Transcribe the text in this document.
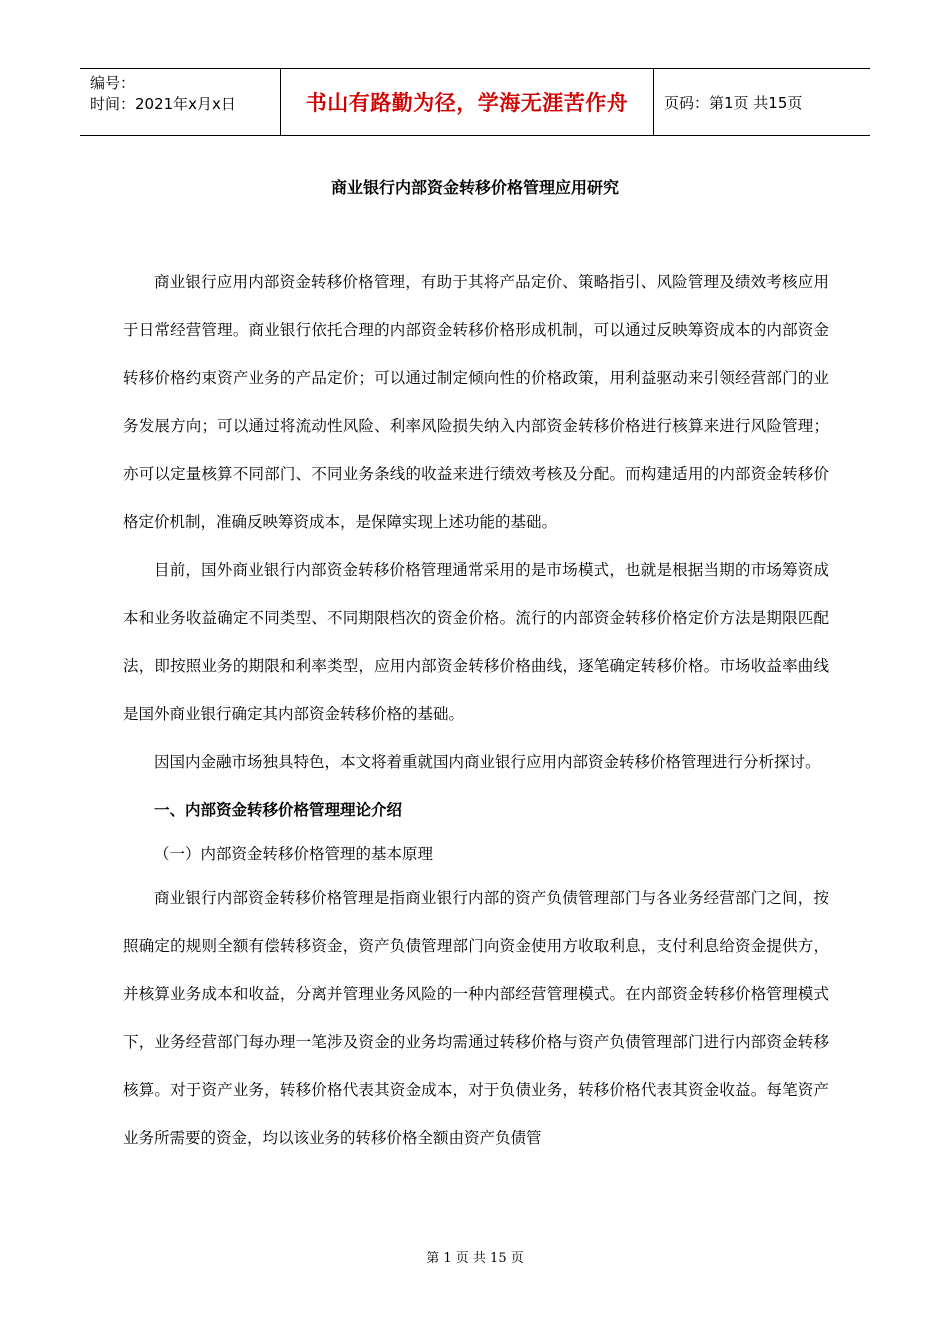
编号：
时间：2021年x月x日	书山有路勤为径，学海无涯苦作舟	页码：第1页 共15页
商业银行内部资金转移价格管理应用研究

商业银行应用内部资金转移价格管理，有助于其将产品定价、策略指引、风险管理及绩效考核应用于日常经营管理。商业银行依托合理的内部资金转移价格形成机制，可以通过反映筹资成本的内部资金转移价格约束资产业务的产品定价；可以通过制定倾向性的价格政策，用利益驱动来引领经营部门的业务发展方向；可以通过将流动性风险、利率风险损失纳入内部资金转移价格进行核算来进行风险管理；亦可以定量核算不同部门、不同业务条线的收益来进行绩效考核及分配。而构建适用的内部资金转移价格定价机制，准确反映筹资成本，是保障实现上述功能的基础。

目前，国外商业银行内部资金转移价格管理通常采用的是市场模式，也就是根据当期的市场筹资成本和业务收益确定不同类型、不同期限档次的资金价格。流行的内部资金转移价格定价方法是期限匹配法，即按照业务的期限和利率类型，应用内部资金转移价格曲线，逐笔确定转移价格。市场收益率曲线是国外商业银行确定其内部资金转移价格的基础。

因国内金融市场独具特色，本文将着重就国内商业银行应用内部资金转移价格管理进行分析探讨。

一、内部资金转移价格管理理论介绍
（一）内部资金转移价格管理的基本原理

商业银行内部资金转移价格管理是指商业银行内部的资产负债管理部门与各业务经营部门之间，按照确定的规则全额有偿转移资金，资产负债管理部门向资金使用方收取利息，支付利息给资金提供方，并核算业务成本和收益，分离并管理业务风险的一种内部经营管理模式。在内部资金转移价格管理模式下，业务经营部门每办理一笔涉及资金的业务均需通过转移价格与资产负债管理部门进行内部资金转移核算。对于资产业务，转移价格代表其资金成本，对于负债业务，转移价格代表其资金收益。每笔资产业务所需要的资金，均以该业务的转移价格全额由资产负债管

第 1 页 共 15 页
